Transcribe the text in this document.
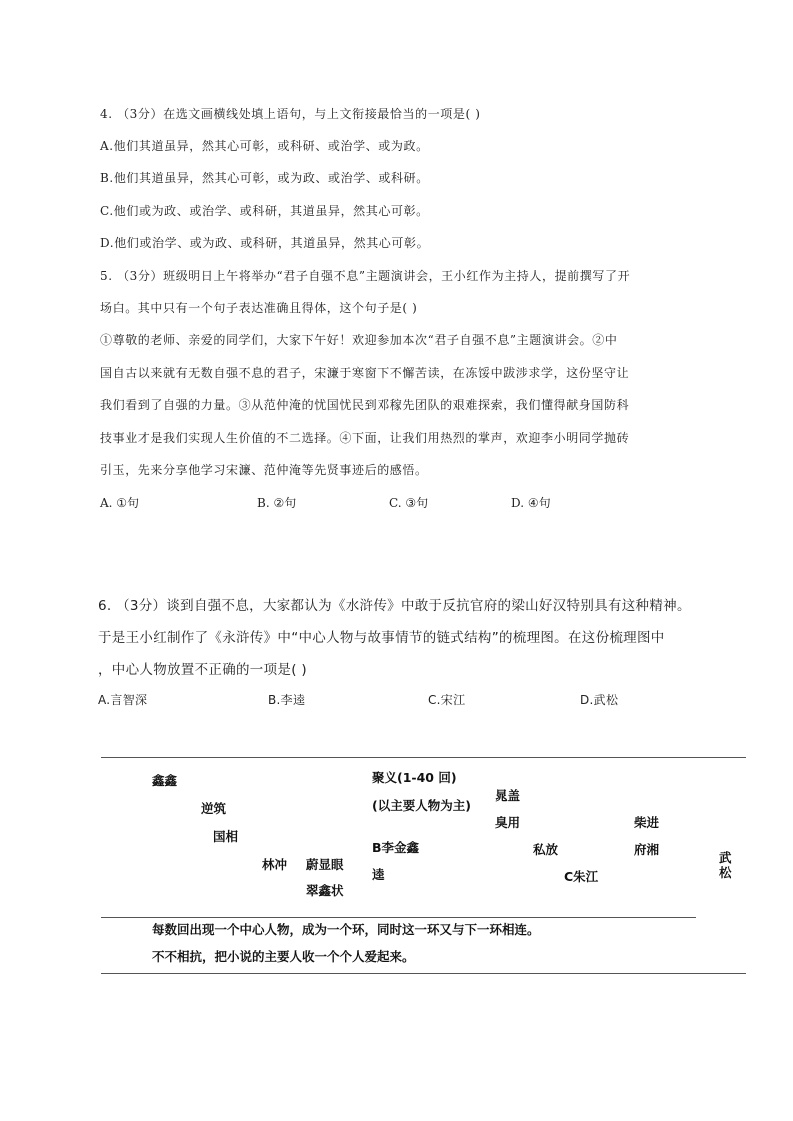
4. （3分）在选文画横线处填上语句，与上文衔接最恰当的一项是( )
A.他们其道虽异，然其心可彰，或科研、或治学、或为政。
B.他们其道虽异，然其心可彰，或为政、或治学、或科研。
C.他们或为政、或治学、或科研，其道虽异，然其心可彰。
D.他们或治学、或为政、或科研，其道虽异，然其心可彰。
5. （3分）班级明日上午将举办“君子自强不息”主题演讲会，王小红作为主持人，提前撰写了开
场白。其中只有一个句子表达准确且得体，这个句子是( )
①尊敬的老师、亲爱的同学们，大家下午好！欢迎参加本次“君子自强不息”主题演讲会。②中
国自古以来就有无数自强不息的君子，宋濂于寒窗下不懈苦读，在冻馁中跋涉求学，这份坚守让
我们看到了自强的力量。③从范仲淹的忧国忧民到邓稼先团队的艰难探索，我们懂得献身国防科
技事业才是我们实现人生价值的不二选择。④下面，让我们用热烈的掌声，欢迎李小明同学抛砖
引玉，先来分享他学习宋濂、范仲淹等先贤事迹后的感悟。
A. ①句	B. ②句	C. ③句	D. ④句
6. （3分）谈到自强不息，大家都认为《水浒传》中敢于反抗官府的梁山好汉特别具有这种精神。
于是王小红制作了《永浒传》中“中心人物与故事情节的链式结构”的梳理图。在这份梳理图中
，中心人物放置不正确的一项是( )
A.言智深	B.李逵	C.宋江	D.武松
鑫鑫
逆筑
国相
林冲 蔚显眼
翠鑫状
聚义(1-40 回)
(以主要人物为主)
B李金鑫
逵
晁盖
臭用
私放
C朱江
柴进
府湘
武松
每数回出现一个中心人物，成为一个环，同时这一环又与下一环相连。
不不相抗，把小说的主要人收一个个人爱起来。
